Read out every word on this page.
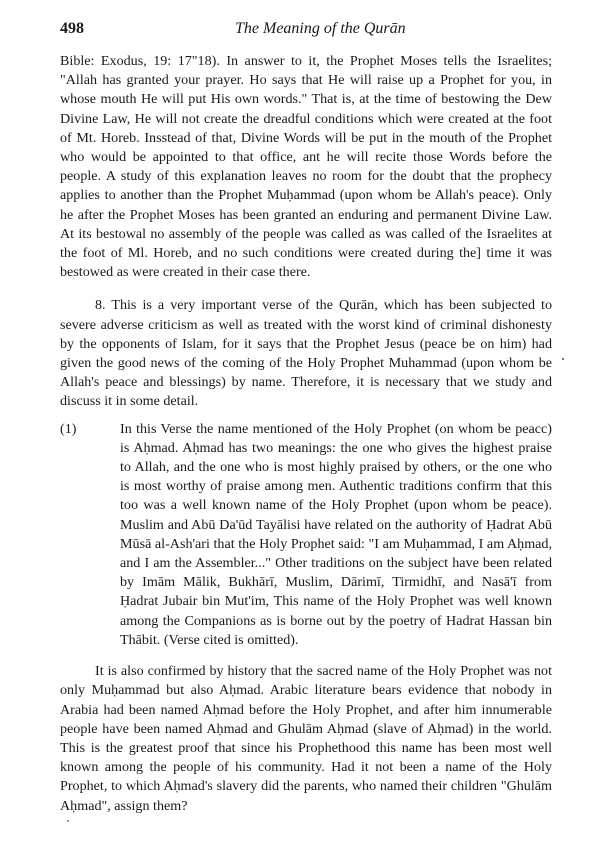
498	The Meaning of the Qurān

Bible: Exodus, 19: 17"18). In answer to it, the Prophet Moses tells the Israelites; "Allah has granted your prayer. Ho says that He will raise up a Prophet for you, in whose mouth He will put His own words." That is, at the time of bestowing the Dew Divine Law, He will not create the dreadful conditions which were created at the foot of Mt. Horeb. Insstead of that, Divine Words will be put in the mouth of the Prophet who would be appointed to that office, ant he will recite those Words before the people. A study of this explanation leaves no room for the doubt that the prophecy applies to another than the Prophet Muḥammad (upon whom be Allah's peace). Only he after the Prophet Moses has been granted an enduring and permanent Divine Law. At its bestowal no assembly of the people was called as was called of the Israelites at the foot of Ml. Horeb, and no such conditions were created during the] time it was bestowed as were created in their case there.

8. This is a very important verse of the Qurān, which has been subjected to severe adverse criticism as well as treated with the worst kind of criminal dishonesty by the opponents of Islam, for it says that the Prophet Jesus (peace be on him) had given the good news of the coming of the Holy Prophet Muhammad (upon whom be Allah's peace and blessings) by name. Therefore, it is necessary that we study and discuss it in some detail.

(1)	In this Verse the name mentioned of the Holy Prophet (on whom be peacc) is Aḥmad. Aḥmad has two meanings: the one who gives the highest praise to Allah, and the one who is most highly praised by others, or the one who is most worthy of praise among men. Authentic traditions confirm that this too was a well known name of the Holy Prophet (upon whom be peace). Muslim and Abū Da'ūd Tayālisi have related on the authority of Ḥadrat Abū Mūsā al-Ash'ari that the Holy Prophet said: "I am Muḥammad, I am Aḥmad, and I am the Assembler..." Other traditions on the subject have been related by Imām Mālik, Bukhārī, Muslim, Dārimī, Tirmidhī, and Nasā'ī from Ḥadrat Jubair bin Mut'im, This name of the Holy Prophet was well known among the Companions as is borne out by the poetry of Hadrat Hassan bin Thābit. (Verse cited is omitted).

It is also confirmed by history that the sacred name of the Holy Prophet was not only Muḥammad but also Aḥmad. Arabic literature bears evidence that nobody in Arabia had been named Aḥmad before the Holy Prophet, and after him innumerable people have been named Aḥmad and Ghulām Aḥmad (slave of Aḥmad) in the world. This is the greatest proof that since his Prophethood this name has been most well known among the people of his community. Had it not been a name of the Holy Prophet, to which Aḥmad's slavery did the parents, who named their children "Ghulām Aḥmad", assign them?
